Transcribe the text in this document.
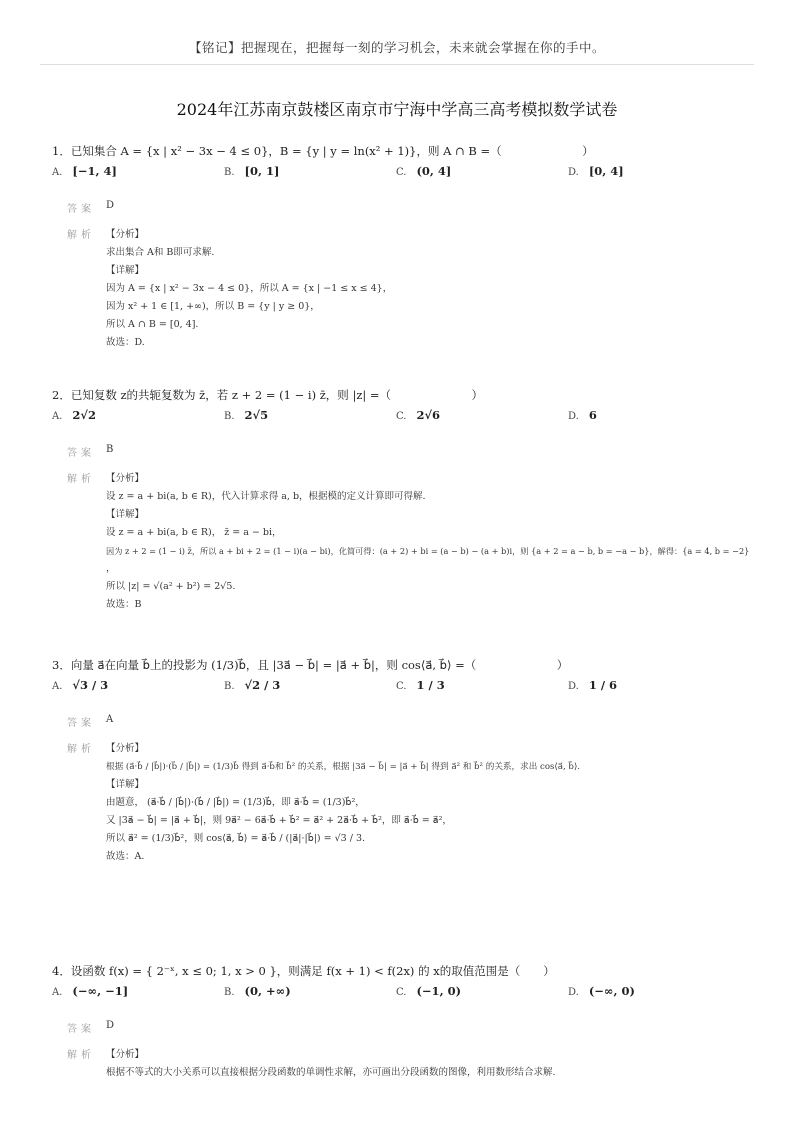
【铭记】把握现在，把握每一刻的学习机会，未来就会掌握在你的手中。
2024年江苏南京鼓楼区南京市宁海中学高三高考模拟数学试卷
1．已知集合 A = {x | x² − 3x − 4 ≤ 0}，B = {y | y = ln(x² + 1)}，则 A ∩ B =（　　　　　　　）
A. [−1, 4]	B. [0, 1]	C. (0, 4]	D. [0, 4]
答案 D
解析 【分析】
求出集合 A和 B即可求解.
【详解】
因为 A = {x | x² − 3x − 4 ≤ 0}，所以 A = {x | −1 ≤ x ≤ 4}，
因为 x² + 1 ∈ [1, +∞)，所以 B = {y | y ≥ 0}，
所以 A ∩ B = [0, 4].
故选：D.
2．已知复数 z的共轭复数为 z̄，若 z + 2 = (1 − i) z̄，则 |z| =（　　　　　　　）
A. 2√2	B. 2√5	C. 2√6	D. 6
答案 B
解析 【分析】
设 z = a + bi(a, b ∈ R)，代入计算求得 a, b，根据模的定义计算即可得解.
【详解】
设 z = a + bi(a, b ∈ R)， z̄ = a − bi，
因为 z + 2 = (1 − i) z̄，所以 a + bi + 2 = (1 − i)(a − bi)，化简可得：(a + 2) + bi = (a − b) − (a + b)i，则 {a + 2 = a − b, b = −a − b}，解得：{a = 4, b = −2}
，
所以 |z| = √(a² + b²) = 2√5.
故选：B
3．向量 a⃗在向量 b⃗上的投影为 (1/3)b⃗，且 |3a⃗ − b⃗| = |a⃗ + b⃗|，则 cos⟨a⃗, b⃗⟩ =（　　　　　　　）
A. √3 / 3	B. √2 / 3	C. 1 / 3	D. 1 / 6
答案 A
解析 【分析】
根据 (a⃗·b⃗ / |b⃗|)·(b⃗ / |b⃗|) = (1/3)b⃗ 得到 a⃗·b⃗和 b⃗² 的关系，根据 |3a⃗ − b⃗| = |a⃗ + b⃗| 得到 a⃗² 和 b⃗² 的关系，求出 cos⟨a⃗, b⃗⟩.
【详解】
由题意， (a⃗·b⃗ / |b⃗|)·(b⃗ / |b⃗|) = (1/3)b⃗，即 a⃗·b⃗ = (1/3)b⃗²，
又 |3a⃗ − b⃗| = |a⃗ + b⃗|，则 9a⃗² − 6a⃗·b⃗ + b⃗² = a⃗² + 2a⃗·b⃗ + b⃗²，即 a⃗·b⃗ = a⃗²，
所以 a⃗² = (1/3)b⃗²，则 cos⟨a⃗, b⃗⟩ = a⃗·b⃗ / (|a⃗|·|b⃗|) = √3 / 3.
故选：A.
4．设函数 f(x) = { 2⁻ˣ, x ≤ 0; 1, x > 0 }，则满足 f(x + 1) < f(2x) 的 x的取值范围是（　　）
A. (−∞, −1]	B. (0, +∞)	C. (−1, 0)	D. (−∞, 0)
答案 D
解析 【分析】
根据不等式的大小关系可以直接根据分段函数的单调性求解，亦可画出分段函数的图像，利用数形结合求解.
